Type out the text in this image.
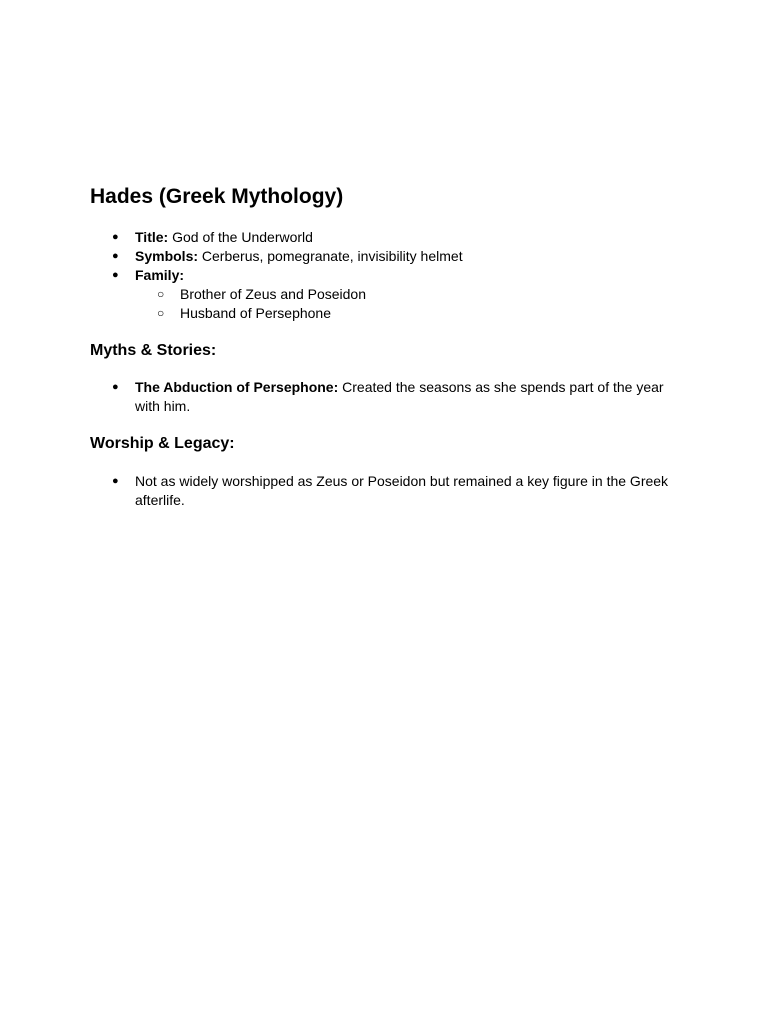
Hades (Greek Mythology)
● Title: God of the Underworld
● Symbols: Cerberus, pomegranate, invisibility helmet
● Family:
○ Brother of Zeus and Poseidon
○ Husband of Persephone
Myths & Stories:
● The Abduction of Persephone: Created the seasons as she spends part of the year with him.
Worship & Legacy:
● Not as widely worshipped as Zeus or Poseidon but remained a key figure in the Greek afterlife.
